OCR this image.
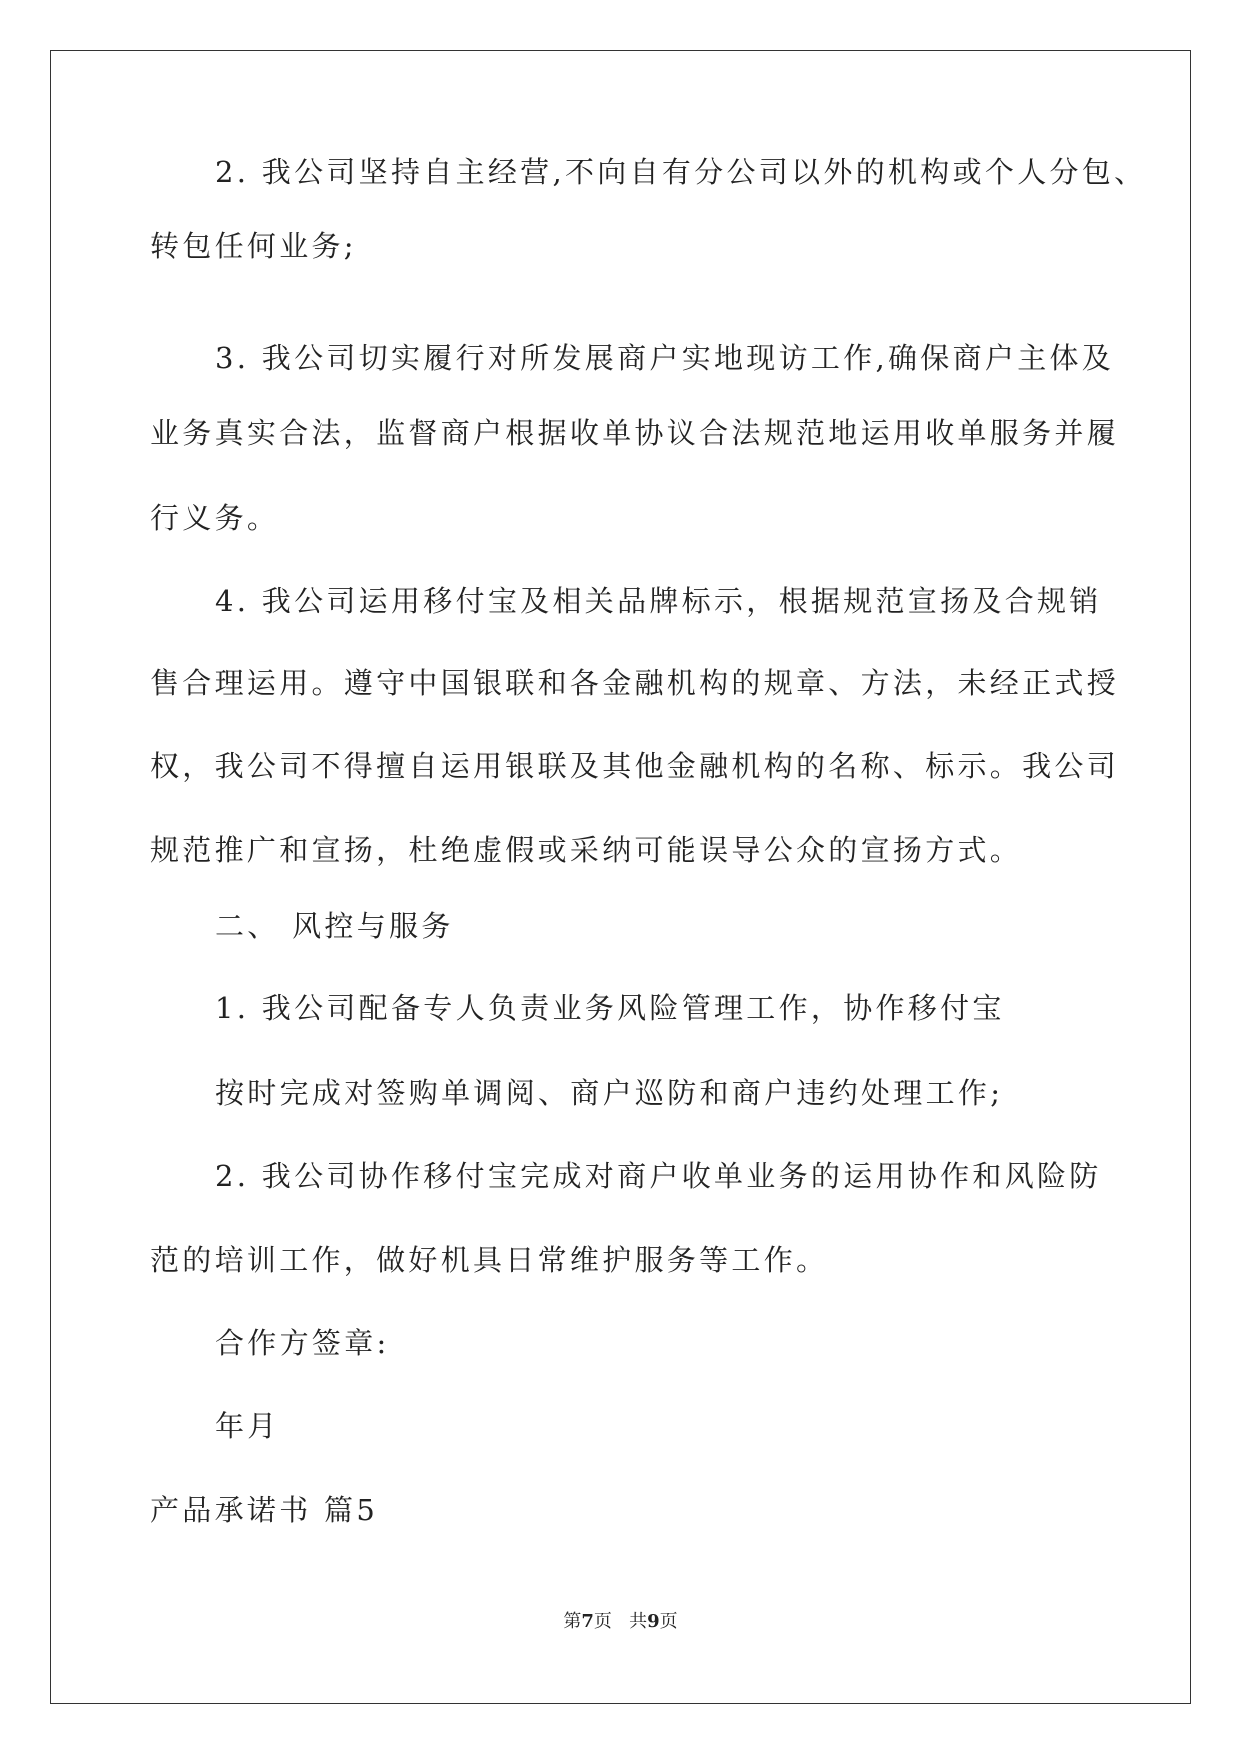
2. 我公司坚持自主经营,不向自有分公司以外的机构或个人分包、
转包任何业务;
3. 我公司切实履行对所发展商户实地现访工作,确保商户主体及
业务真实合法，监督商户根据收单协议合法规范地运用收单服务并履
行义务。
4. 我公司运用移付宝及相关品牌标示，根据规范宣扬及合规销
售合理运用。遵守中国银联和各金融机构的规章、方法，未经正式授
权，我公司不得擅自运用银联及其他金融机构的名称、标示。我公司
规范推广和宣扬，杜绝虚假或采纳可能误导公众的宣扬方式。
二、 风控与服务
1. 我公司配备专人负责业务风险管理工作，协作移付宝
按时完成对签购单调阅、商户巡防和商户违约处理工作;
2. 我公司协作移付宝完成对商户收单业务的运用协作和风险防
范的培训工作，做好机具日常维护服务等工作。
合作方签章:
年月
产品承诺书 篇5
第7页 共9页
